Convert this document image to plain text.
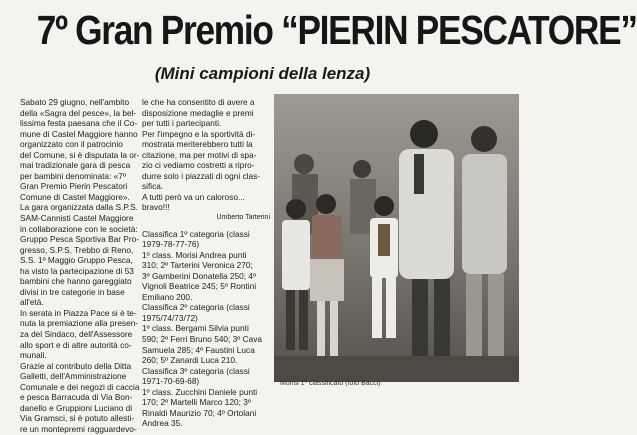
7º Gran Premio “PIERIN PESCATORE”
(Mini campioni della lenza)
Sabato 29 giugno, nell'ambito
della «Sagra del pesce», la bel-
lissima festa paesana che il Co-
mune di Castel Maggiore hanno
organizzato con il patrocinio
del Comune, si è disputata la or-
mai tradizionale gara di pesca
per bambini denominata: «7º
Gran Premio Pierin Pescatori
Comune di Castel Maggiore».
La gara organizzata dalla S.P.S.
SAM-Cannisti Castel Maggiore
in collaborazione con le società:
Gruppo Pesca Sportiva Bar Pro-
gresso, S.P.S. Trebbo di Reno,
S.S. 1º Maggio Gruppo Pesca,
ha visto la partecipazione di 53
bambini che hanno gareggiato
divisi in tre categorie in base
all'età.
In serata in Piazza Pace si è te-
nuta la premiazione alla presen-
za del Sindaco, dell'Assessore
allo sport e di altre autorità co-
munali.
Grazie al contributo della Ditta
Galletti, dell'Amministrazione
Comunale e dei negozi di caccia
e pesca Barracuda di Via Bon-
danello e Gruppioni Luciano di
Via Gramsci, si è potuto allesti-
re un montepremi ragguardevo-
le che ha consentito di avere a
disposizione medaglie e premi
per tutti i partecipanti.
Per l'impegno e la sportività di-
mostrata meriterebbero tutti la
citazione, ma per motivi di spa-
zio ci vediamo costretti a ripro-
durre solo i piazzati di ogni clas-
sifica.
A tutti però va un caloroso...
bravo!!!
Umberto Tarterini
Classifica 1º categoria (classi
1979-78-77-76)
1º class. Morisi Andrea punti
310; 2º Tarterini Veronica 270;
3º Gamberini Donatella 250; 4º
Vignoli Beatrice 245; 5º Rontini
Emiliano 200.
Classifica 2º categoria (classi
1975/74/73/72)
1º class. Bergami Silvia punti
590; 2º Ferri Bruno 540; 3º Cava
Samuela 285; 4º Faustini Luca
260; 5º Zanardi Luca 210.
Classifica 3º categoria (classi
1971-70-69-68)
1º class. Zucchini Daniele punti
170; 2º Martelli Marco 120; 3º
Rinaldi Maurizio 70; 4º Ortolani
Andrea 35.
Morisi 1º classificato (foto Bacci)
